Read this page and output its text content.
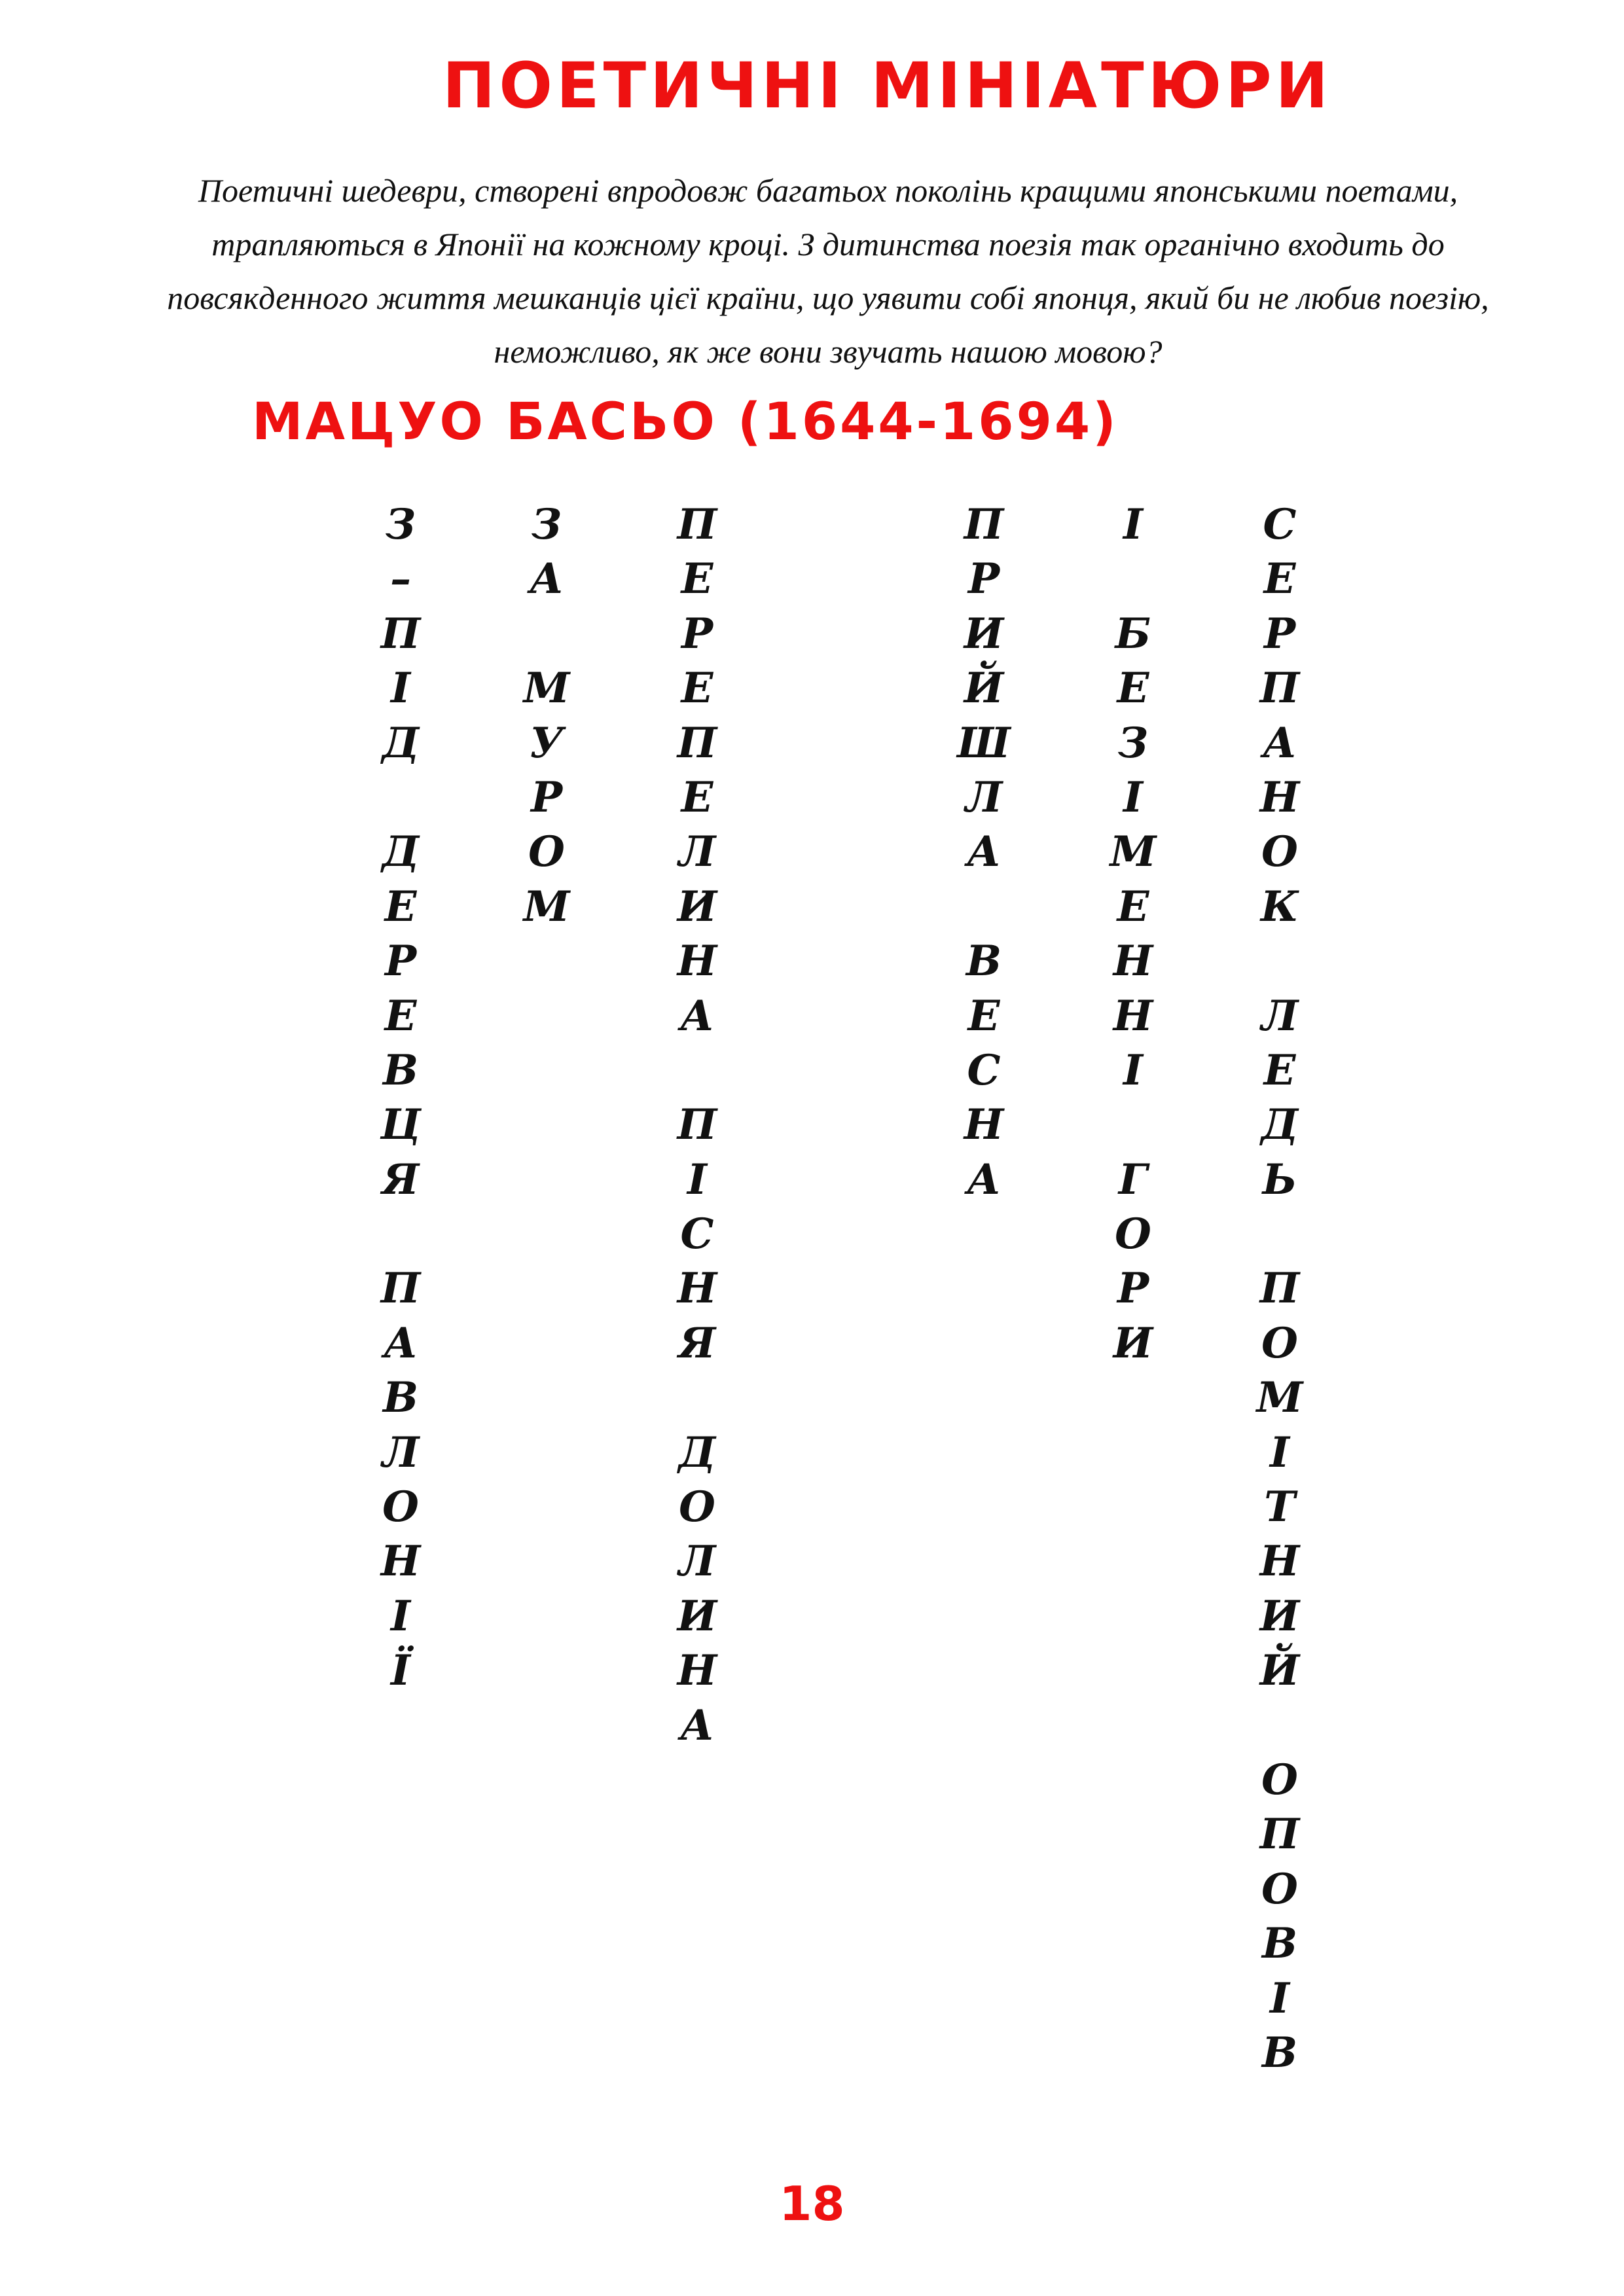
ПОЕТИЧНІ МІНІАТЮРИ
Поетичні шедеври, створені впродовж багатьох поколінь кращими японськими поетами, трапляються в Японії на кожному кроці. З дитинства поезія так органічно входить до повсякденного життя мешканців цієї країни, що уявити собі японця, який би не любив поезію, неможливо, як же вони звучать нашою мовою?
МАЦУО БАСЬО (1644-1694)
З
–
П
І
Д
Д
Е
Р
Е
В
Ц
Я
П
А
В
Л
О
Н
І
Ї
З
А
М
У
Р
О
М
П
Е
Р
Е
П
Е
Л
И
Н
А
П
І
С
Н
Я
Д
О
Л
И
Н
А
П
Р
И
Й
Ш
Л
А
В
Е
С
Н
А
І
Б
Е
З
І
М
Е
Н
Н
І
Г
О
Р
И
С
Е
Р
П
А
Н
О
К
Л
Е
Д
Ь
П
О
М
І
Т
Н
И
Й
О
П
О
В
І
В
18
